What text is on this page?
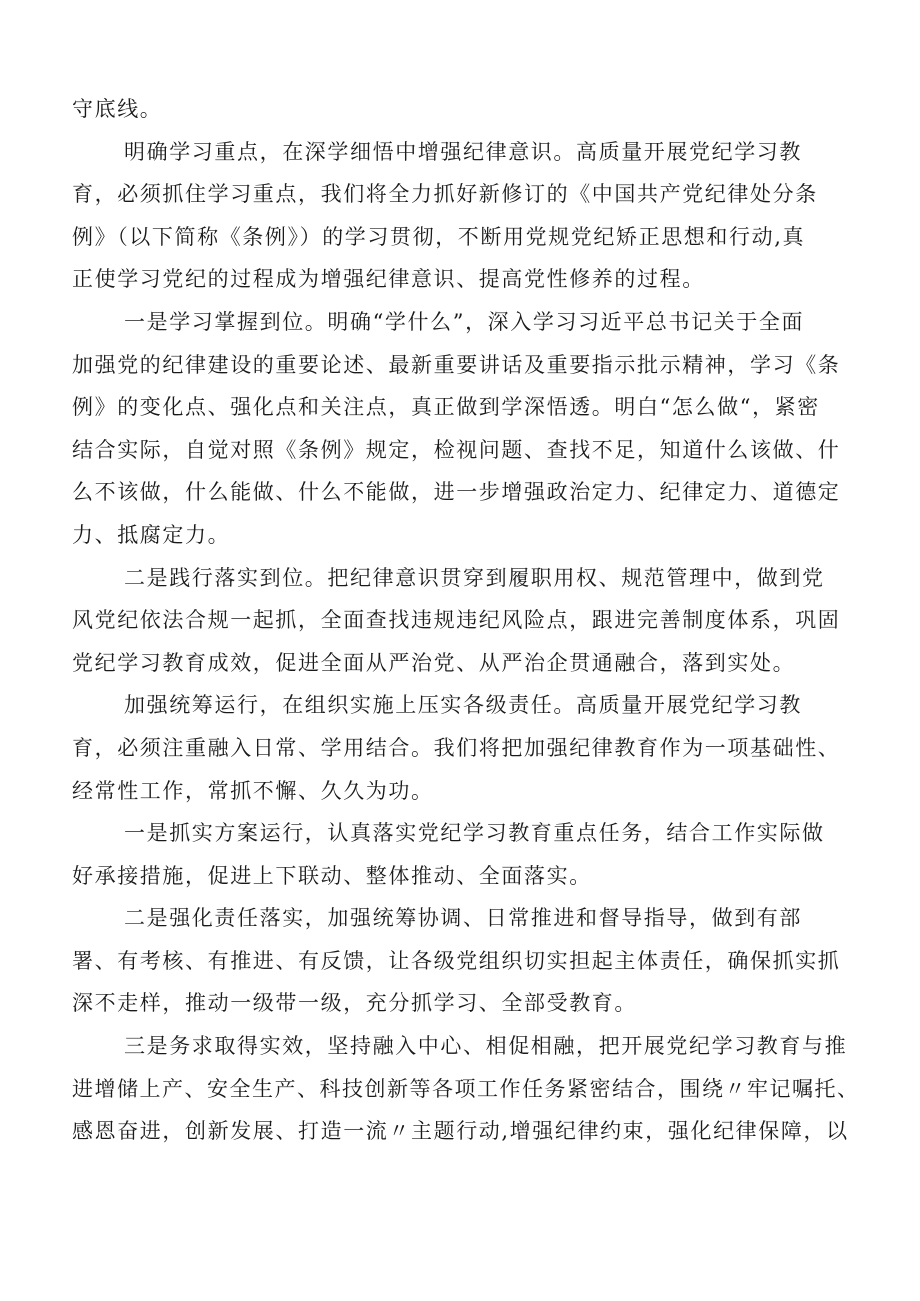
守底线。
明确学习重点，在深学细悟中增强纪律意识。高质量开展党纪学习教
育，必须抓住学习重点，我们将全力抓好新修订的《中国共产党纪律处分条
例》（以下简称《条例》）的学习贯彻，不断用党规党纪矫正思想和行动,真
正使学习党纪的过程成为增强纪律意识、提高党性修养的过程。
一是学习掌握到位。明确“学什么”，深入学习习近平总书记关于全面
加强党的纪律建设的重要论述、最新重要讲话及重要指示批示精神，学习《条
例》的变化点、强化点和关注点，真正做到学深悟透。明白“怎么做“，紧密
结合实际，自觉对照《条例》规定，检视问题、查找不足，知道什么该做、什
么不该做，什么能做、什么不能做，进一步增强政治定力、纪律定力、道德定
力、抵腐定力。
二是践行落实到位。把纪律意识贯穿到履职用权、规范管理中，做到党
风党纪依法合规一起抓，全面查找违规违纪风险点，跟进完善制度体系，巩固
党纪学习教育成效，促进全面从严治党、从严治企贯通融合，落到实处。
加强统筹运行，在组织实施上压实各级责任。高质量开展党纪学习教
育，必须注重融入日常、学用结合。我们将把加强纪律教育作为一项基础性、
经常性工作，常抓不懈、久久为功。
一是抓实方案运行，认真落实党纪学习教育重点任务，结合工作实际做
好承接措施，促进上下联动、整体推动、全面落实。
二是强化责任落实，加强统筹协调、日常推进和督导指导，做到有部
署、有考核、有推进、有反馈，让各级党组织切实担起主体责任，确保抓实抓
深不走样，推动一级带一级，充分抓学习、全部受教育。
三是务求取得实效，坚持融入中心、相促相融，把开展党纪学习教育与推
进增储上产、安全生产、科技创新等各项工作任务紧密结合，围绕〃牢记嘱托、
感恩奋进，创新发展、打造一流〃主题行动,增强纪律约束，强化纪律保障，以
